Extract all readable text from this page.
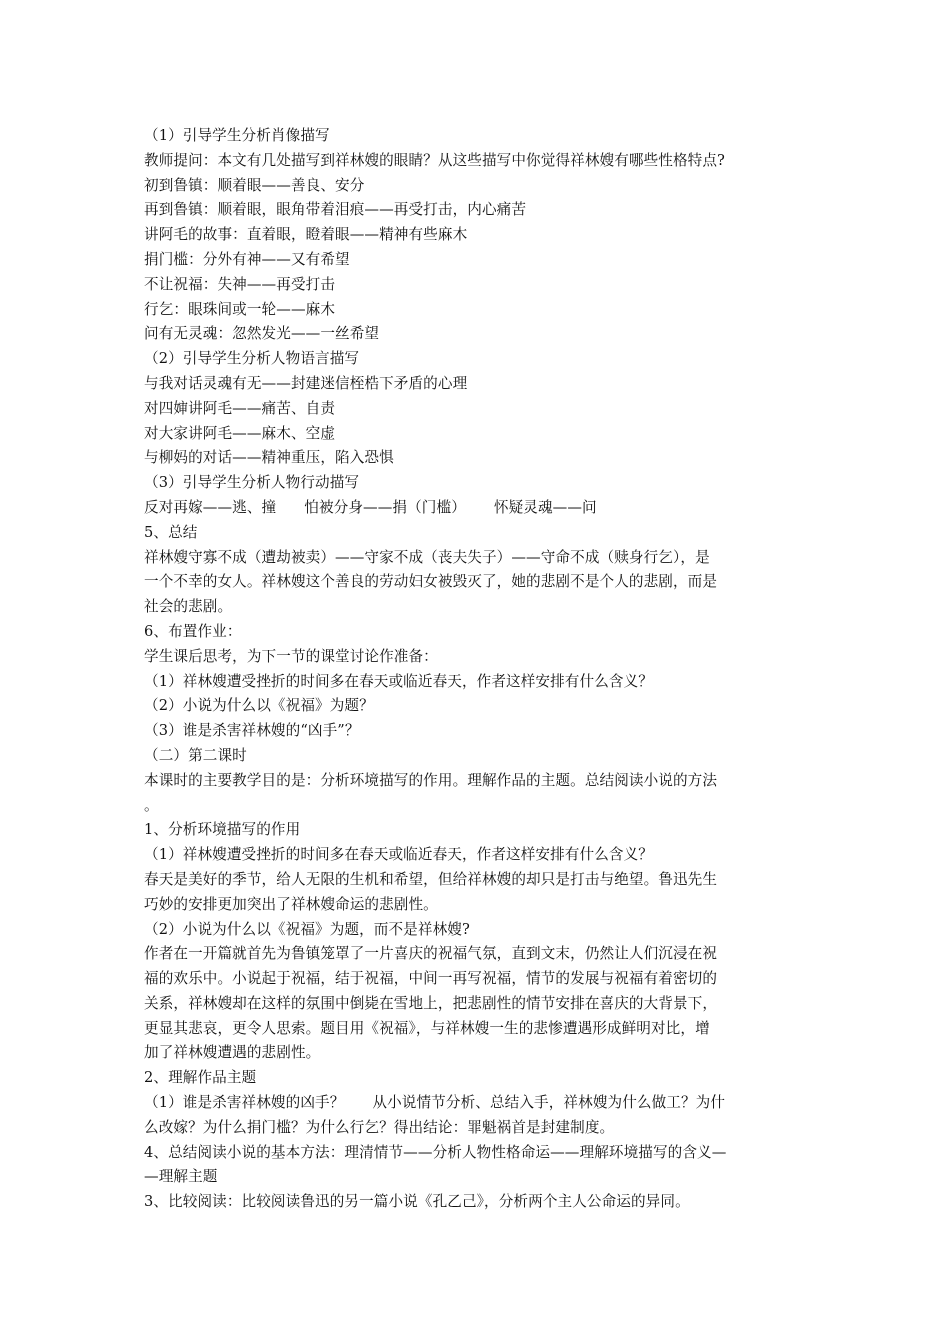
（1）引导学生分析肖像描写
教师提问：本文有几处描写到祥林嫂的眼睛？从这些描写中你觉得祥林嫂有哪些性格特点?
初到鲁镇：顺着眼——善良、安分
再到鲁镇：顺着眼，眼角带着泪痕——再受打击，内心痛苦
讲阿毛的故事：直着眼，瞪着眼——精神有些麻木
捐门槛：分外有神——又有希望
不让祝福：失神——再受打击
行乞：眼珠间或一轮——麻木
问有无灵魂：忽然发光——一丝希望
（2）引导学生分析人物语言描写
与我对话灵魂有无——封建迷信桎梏下矛盾的心理
对四婶讲阿毛——痛苦、自责
对大家讲阿毛——麻木、空虚
与柳妈的对话——精神重压，陷入恐惧
（3）引导学生分析人物行动描写
反对再嫁——逃、撞 怕被分身——捐（门槛） 怀疑灵魂——问
5、总结
祥林嫂守寡不成（遭劫被卖）——守家不成（丧夫失子）——守命不成（赎身行乞），是
一个不幸的女人。祥林嫂这个善良的劳动妇女被毁灭了，她的悲剧不是个人的悲剧，而是
社会的悲剧。
6、布置作业：
学生课后思考，为下一节的课堂讨论作准备：
（1）祥林嫂遭受挫折的时间多在春天或临近春天，作者这样安排有什么含义？
（2）小说为什么以《祝福》为题？
（3）谁是杀害祥林嫂的“凶手”？
（二）第二课时
本课时的主要教学目的是：分析环境描写的作用。理解作品的主题。总结阅读小说的方法
。
1、分析环境描写的作用
（1）祥林嫂遭受挫折的时间多在春天或临近春天，作者这样安排有什么含义？
春天是美好的季节，给人无限的生机和希望，但给祥林嫂的却只是打击与绝望。鲁迅先生
巧妙的安排更加突出了祥林嫂命运的悲剧性。
（2）小说为什么以《祝福》为题，而不是祥林嫂?
作者在一开篇就首先为鲁镇笼罩了一片喜庆的祝福气氛，直到文末，仍然让人们沉浸在祝
福的欢乐中。小说起于祝福，结于祝福，中间一再写祝福，情节的发展与祝福有着密切的
关系，祥林嫂却在这样的氛围中倒毙在雪地上，把悲剧性的情节安排在喜庆的大背景下，
更显其悲哀，更令人思索。题目用《祝福》，与祥林嫂一生的悲惨遭遇形成鲜明对比，增
加了祥林嫂遭遇的悲剧性。
2、理解作品主题
（1）谁是杀害祥林嫂的凶手？ 从小说情节分析、总结入手，祥林嫂为什么做工？为什
么改嫁？为什么捐门槛？为什么行乞？得出结论：罪魁祸首是封建制度。
4、总结阅读小说的基本方法：理清情节——分析人物性格命运——理解环境描写的含义—
—理解主题
3、比较阅读：比较阅读鲁迅的另一篇小说《孔乙己》，分析两个主人公命运的异同。
